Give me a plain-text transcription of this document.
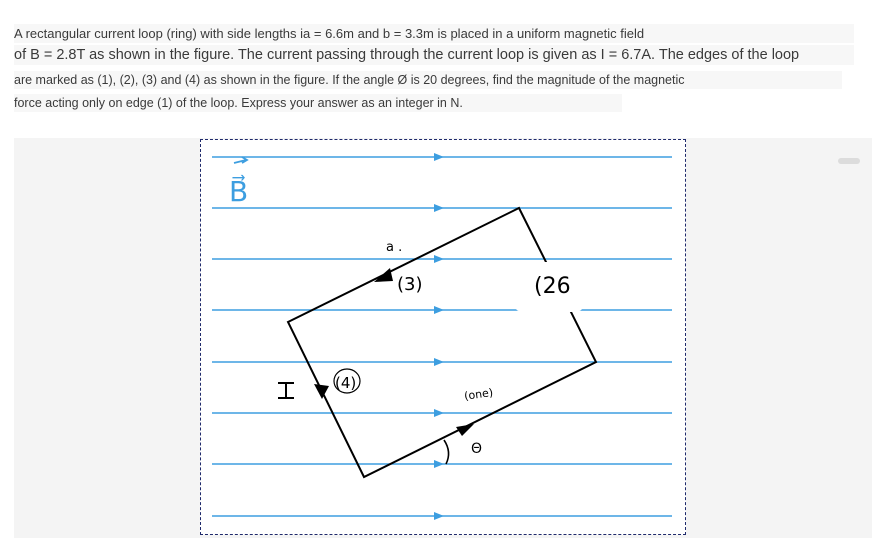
A rectangular current loop (ring) with side lengths ia = 6.6m and b = 3.3m is placed in a uniform magnetic field
of B = 2.8T as shown in the figure. The current passing through the current loop is given as I = 6.7A. The edges of the loop
are marked as (1), (2), (3) and (4) as shown in the figure. If the angle Ø is 20 degrees, find the magnitude of the magnetic
force acting only on edge (1) of the loop. Express your answer as an integer in N.
B⃗
I
a .
(3)	(26
(4)
(one)
Θ
